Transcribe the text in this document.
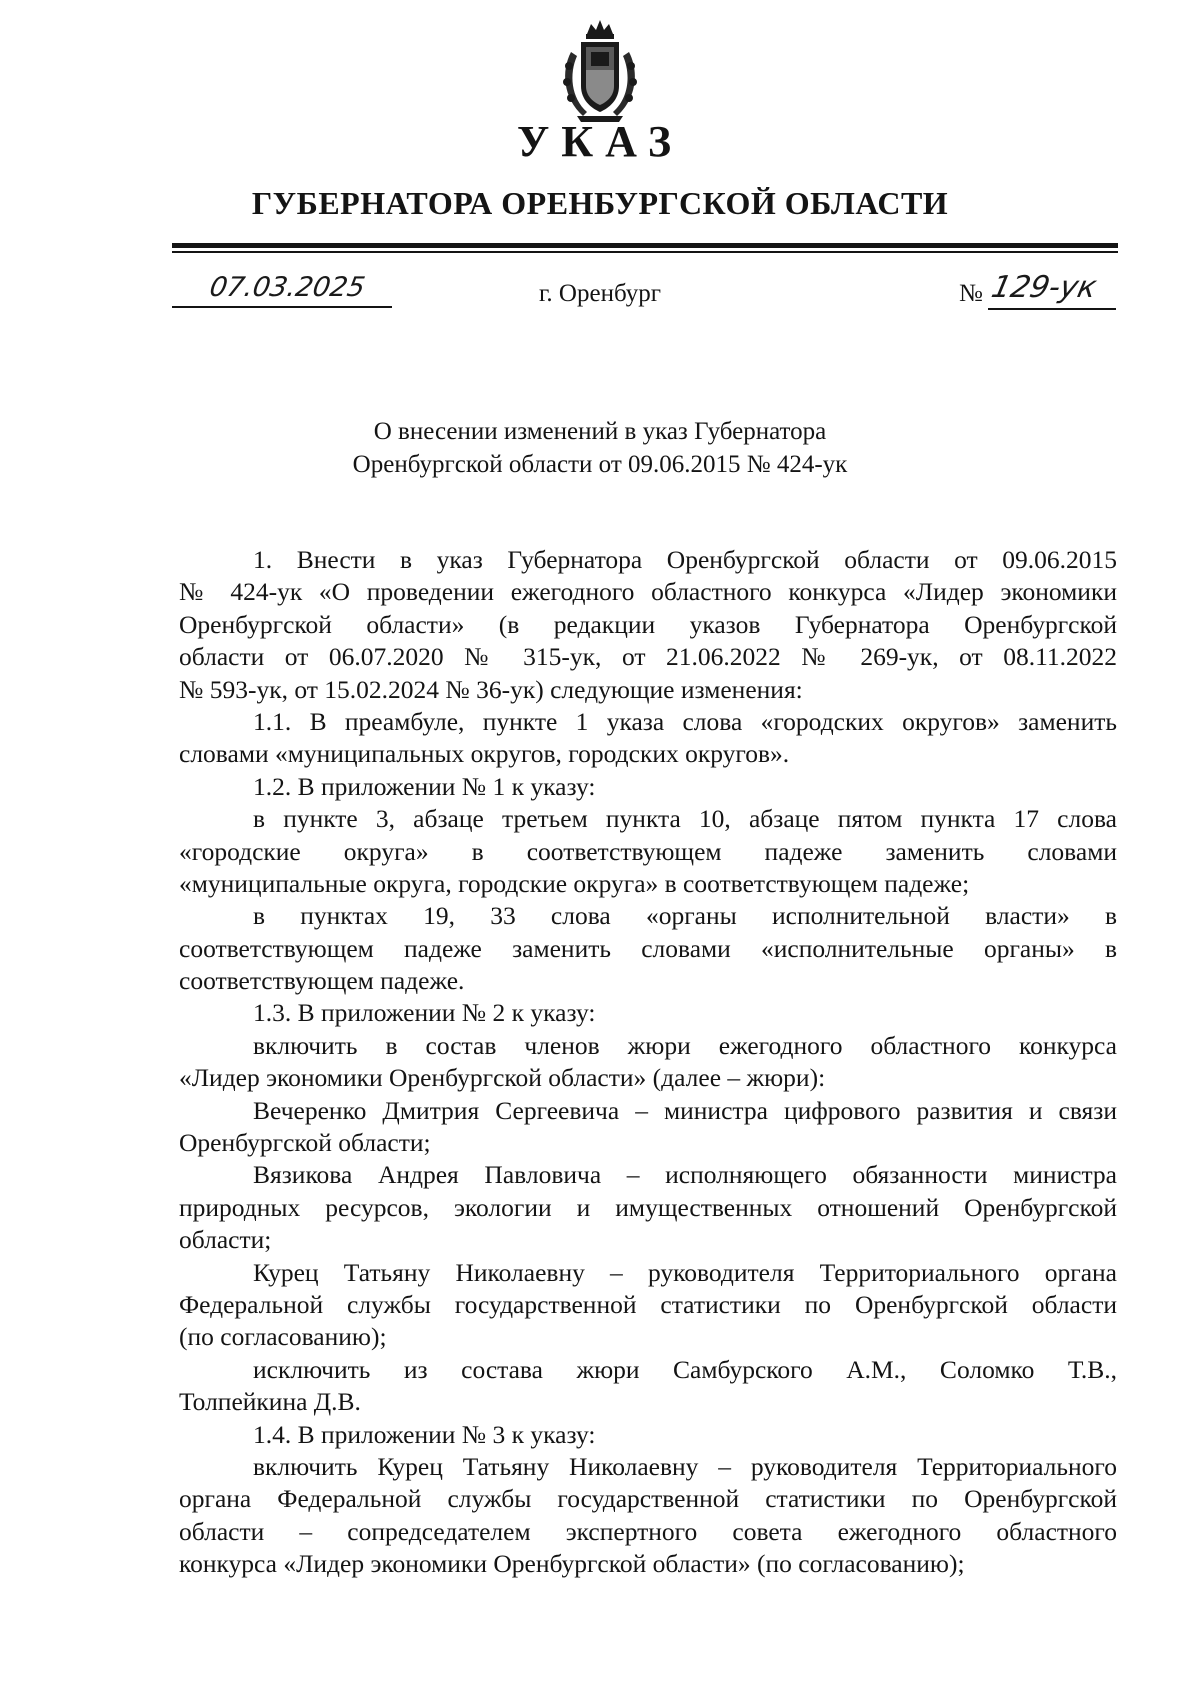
УКАЗ
ГУБЕРНАТОРА ОРЕНБУРГСКОЙ ОБЛАСТИ
07.03.2025	г. Оренбург	№ 129-ук
О внесении изменений в указ Губернатора
Оренбургской области от 09.06.2015 № 424-ук
1. Внести в указ Губернатора Оренбургской области от 09.06.2015
№ 424-ук «О проведении ежегодного областного конкурса «Лидер экономики
Оренбургской области» (в редакции указов Губернатора Оренбургской
области от 06.07.2020 № 315-ук, от 21.06.2022 № 269-ук, от 08.11.2022
№ 593-ук, от 15.02.2024 № 36-ук) следующие изменения:
1.1. В преамбуле, пункте 1 указа слова «городских округов» заменить
словами «муниципальных округов, городских округов».
1.2. В приложении № 1 к указу:
в пункте 3, абзаце третьем пункта 10, абзаце пятом пункта 17 слова
«городские округа» в соответствующем падеже заменить словами
«муниципальные округа, городские округа» в соответствующем падеже;
в пунктах 19, 33 слова «органы исполнительной власти» в
соответствующем падеже заменить словами «исполнительные органы» в
соответствующем падеже.
1.3. В приложении № 2 к указу:
включить в состав членов жюри ежегодного областного конкурса
«Лидер экономики Оренбургской области» (далее – жюри):
Вечеренко Дмитрия Сергеевича – министра цифрового развития и связи
Оренбургской области;
Вязикова Андрея Павловича – исполняющего обязанности министра
природных ресурсов, экологии и имущественных отношений Оренбургской
области;
Курец Татьяну Николаевну – руководителя Территориального органа
Федеральной службы государственной статистики по Оренбургской области
(по согласованию);
исключить из состава жюри Самбурского А.М., Соломко Т.В.,
Толпейкина Д.В.
1.4. В приложении № 3 к указу:
включить Курец Татьяну Николаевну – руководителя Территориального
органа Федеральной службы государственной статистики по Оренбургской
области – сопредседателем экспертного совета ежегодного областного
конкурса «Лидер экономики Оренбургской области» (по согласованию);
